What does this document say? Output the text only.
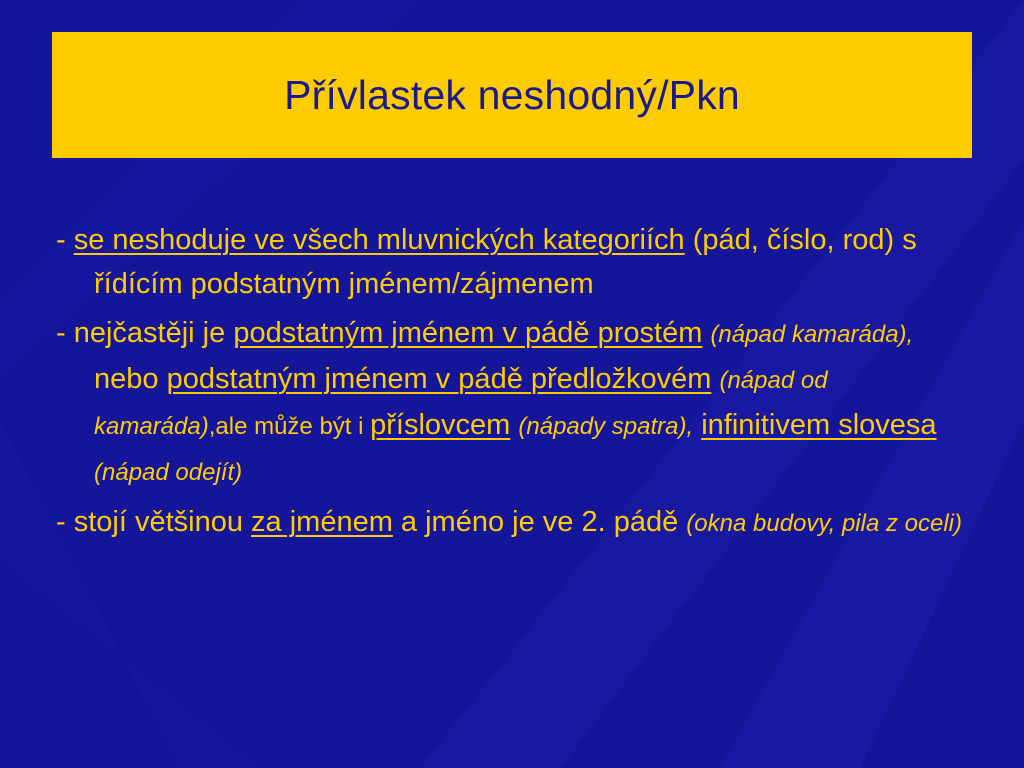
Přívlastek neshodný/Pkn

- se neshoduje ve všech mluvnických kategoriích (pád, číslo, rod) s řídícím podstatným jménem/zájmenem

- nejčastěji je podstatným jménem v pádě prostém (nápad kamaráda), nebo podstatným jménem v pádě předložkovém (nápad od kamaráda),ale může být i příslovcem (nápady spatra), infinitivem slovesa (nápad odejít)

- stojí většinou za jménem a jméno je ve 2. pádě (okna budovy, pila z oceli)
